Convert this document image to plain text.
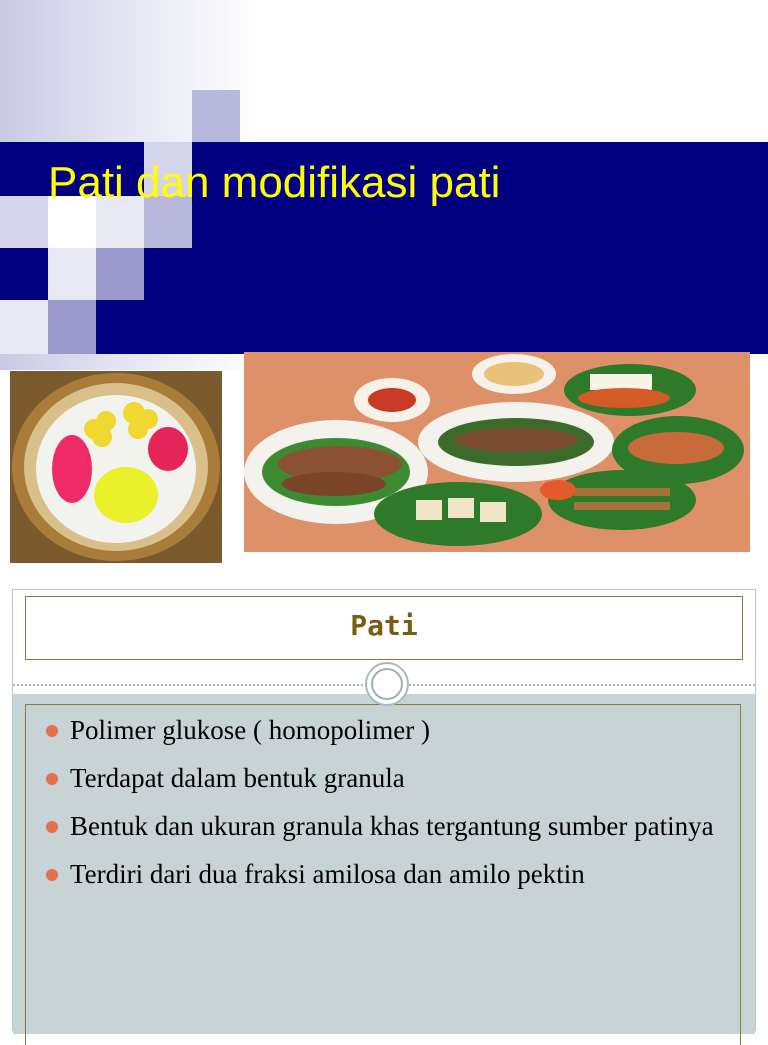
Pati dan modifikasi pati
Pati
Polimer glukose ( homopolimer )
Terdapat dalam bentuk granula
Bentuk dan ukuran granula khas tergantung sumber patinya
Terdiri dari dua fraksi amilosa dan amilo pektin
